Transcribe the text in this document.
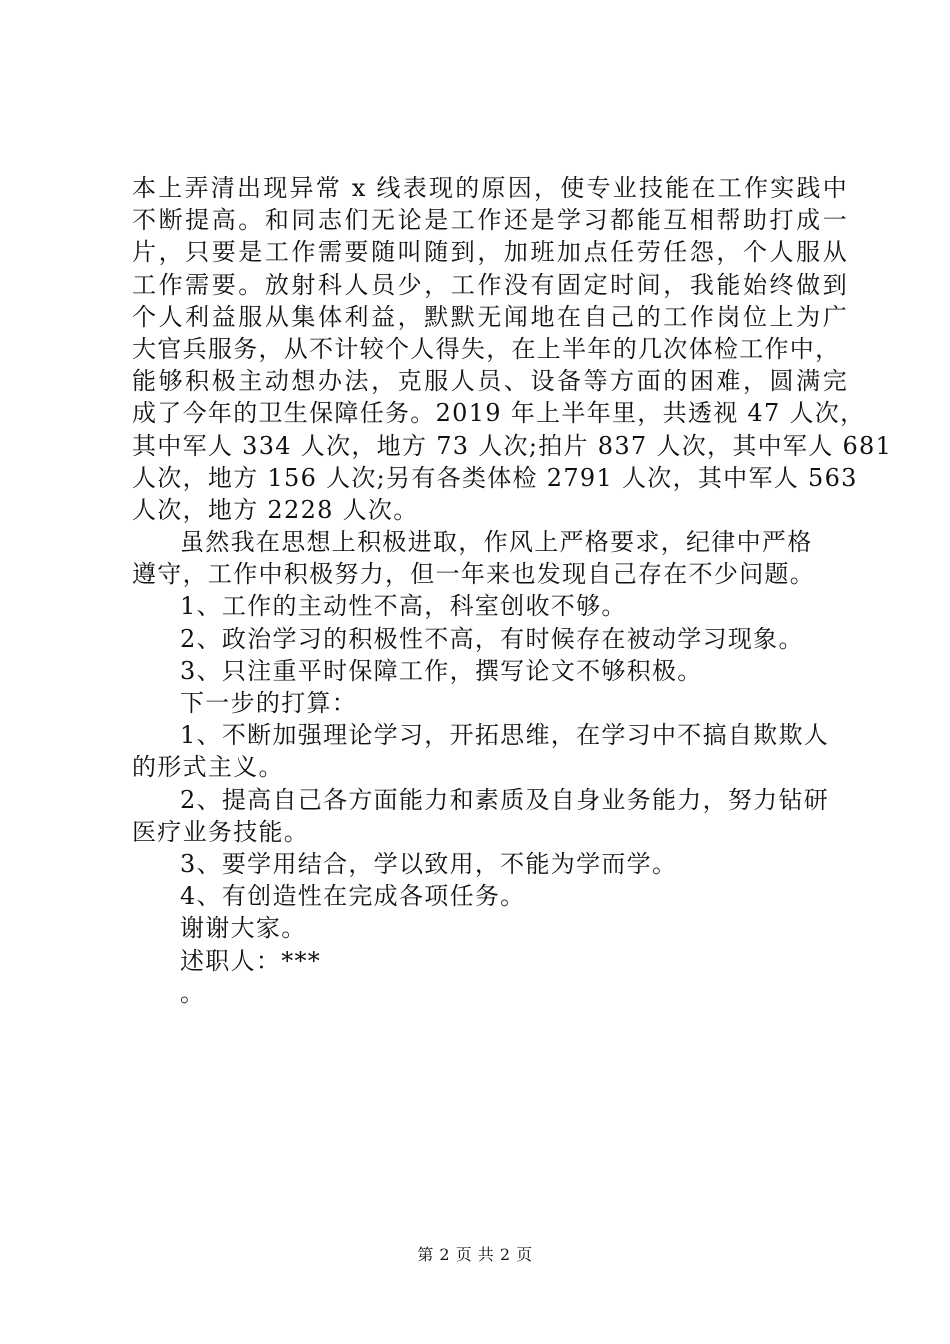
本上弄清出现异常 x 线表现的原因，使专业技能在工作实践中
不断提高。和同志们无论是工作还是学习都能互相帮助打成一
片，只要是工作需要随叫随到，加班加点任劳任怨，个人服从
工作需要。放射科人员少，工作没有固定时间，我能始终做到
个人利益服从集体利益，默默无闻地在自己的工作岗位上为广
大官兵服务，从不计较个人得失，在上半年的几次体检工作中，
能够积极主动想办法，克服人员、设备等方面的困难，圆满完
成了今年的卫生保障任务。2019 年上半年里，共透视 47 人次，
其中军人 334 人次，地方 73 人次;拍片 837 人次，其中军人 681
人次，地方 156 人次;另有各类体检 2791 人次，其中军人 563
人次，地方 2228 人次。
虽然我在思想上积极进取，作风上严格要求，纪律中严格
遵守，工作中积极努力，但一年来也发现自己存在不少问题。
1、工作的主动性不高，科室创收不够。
2、政治学习的积极性不高，有时候存在被动学习现象。
3、只注重平时保障工作，撰写论文不够积极。
下一步的打算：
1、不断加强理论学习，开拓思维，在学习中不搞自欺欺人
的形式主义。
2、提高自己各方面能力和素质及自身业务能力，努力钻研
医疗业务技能。
3、要学用结合，学以致用，不能为学而学。
4、有创造性在完成各项任务。
谢谢大家。
述职人：***
。
第 2 页 共 2 页
